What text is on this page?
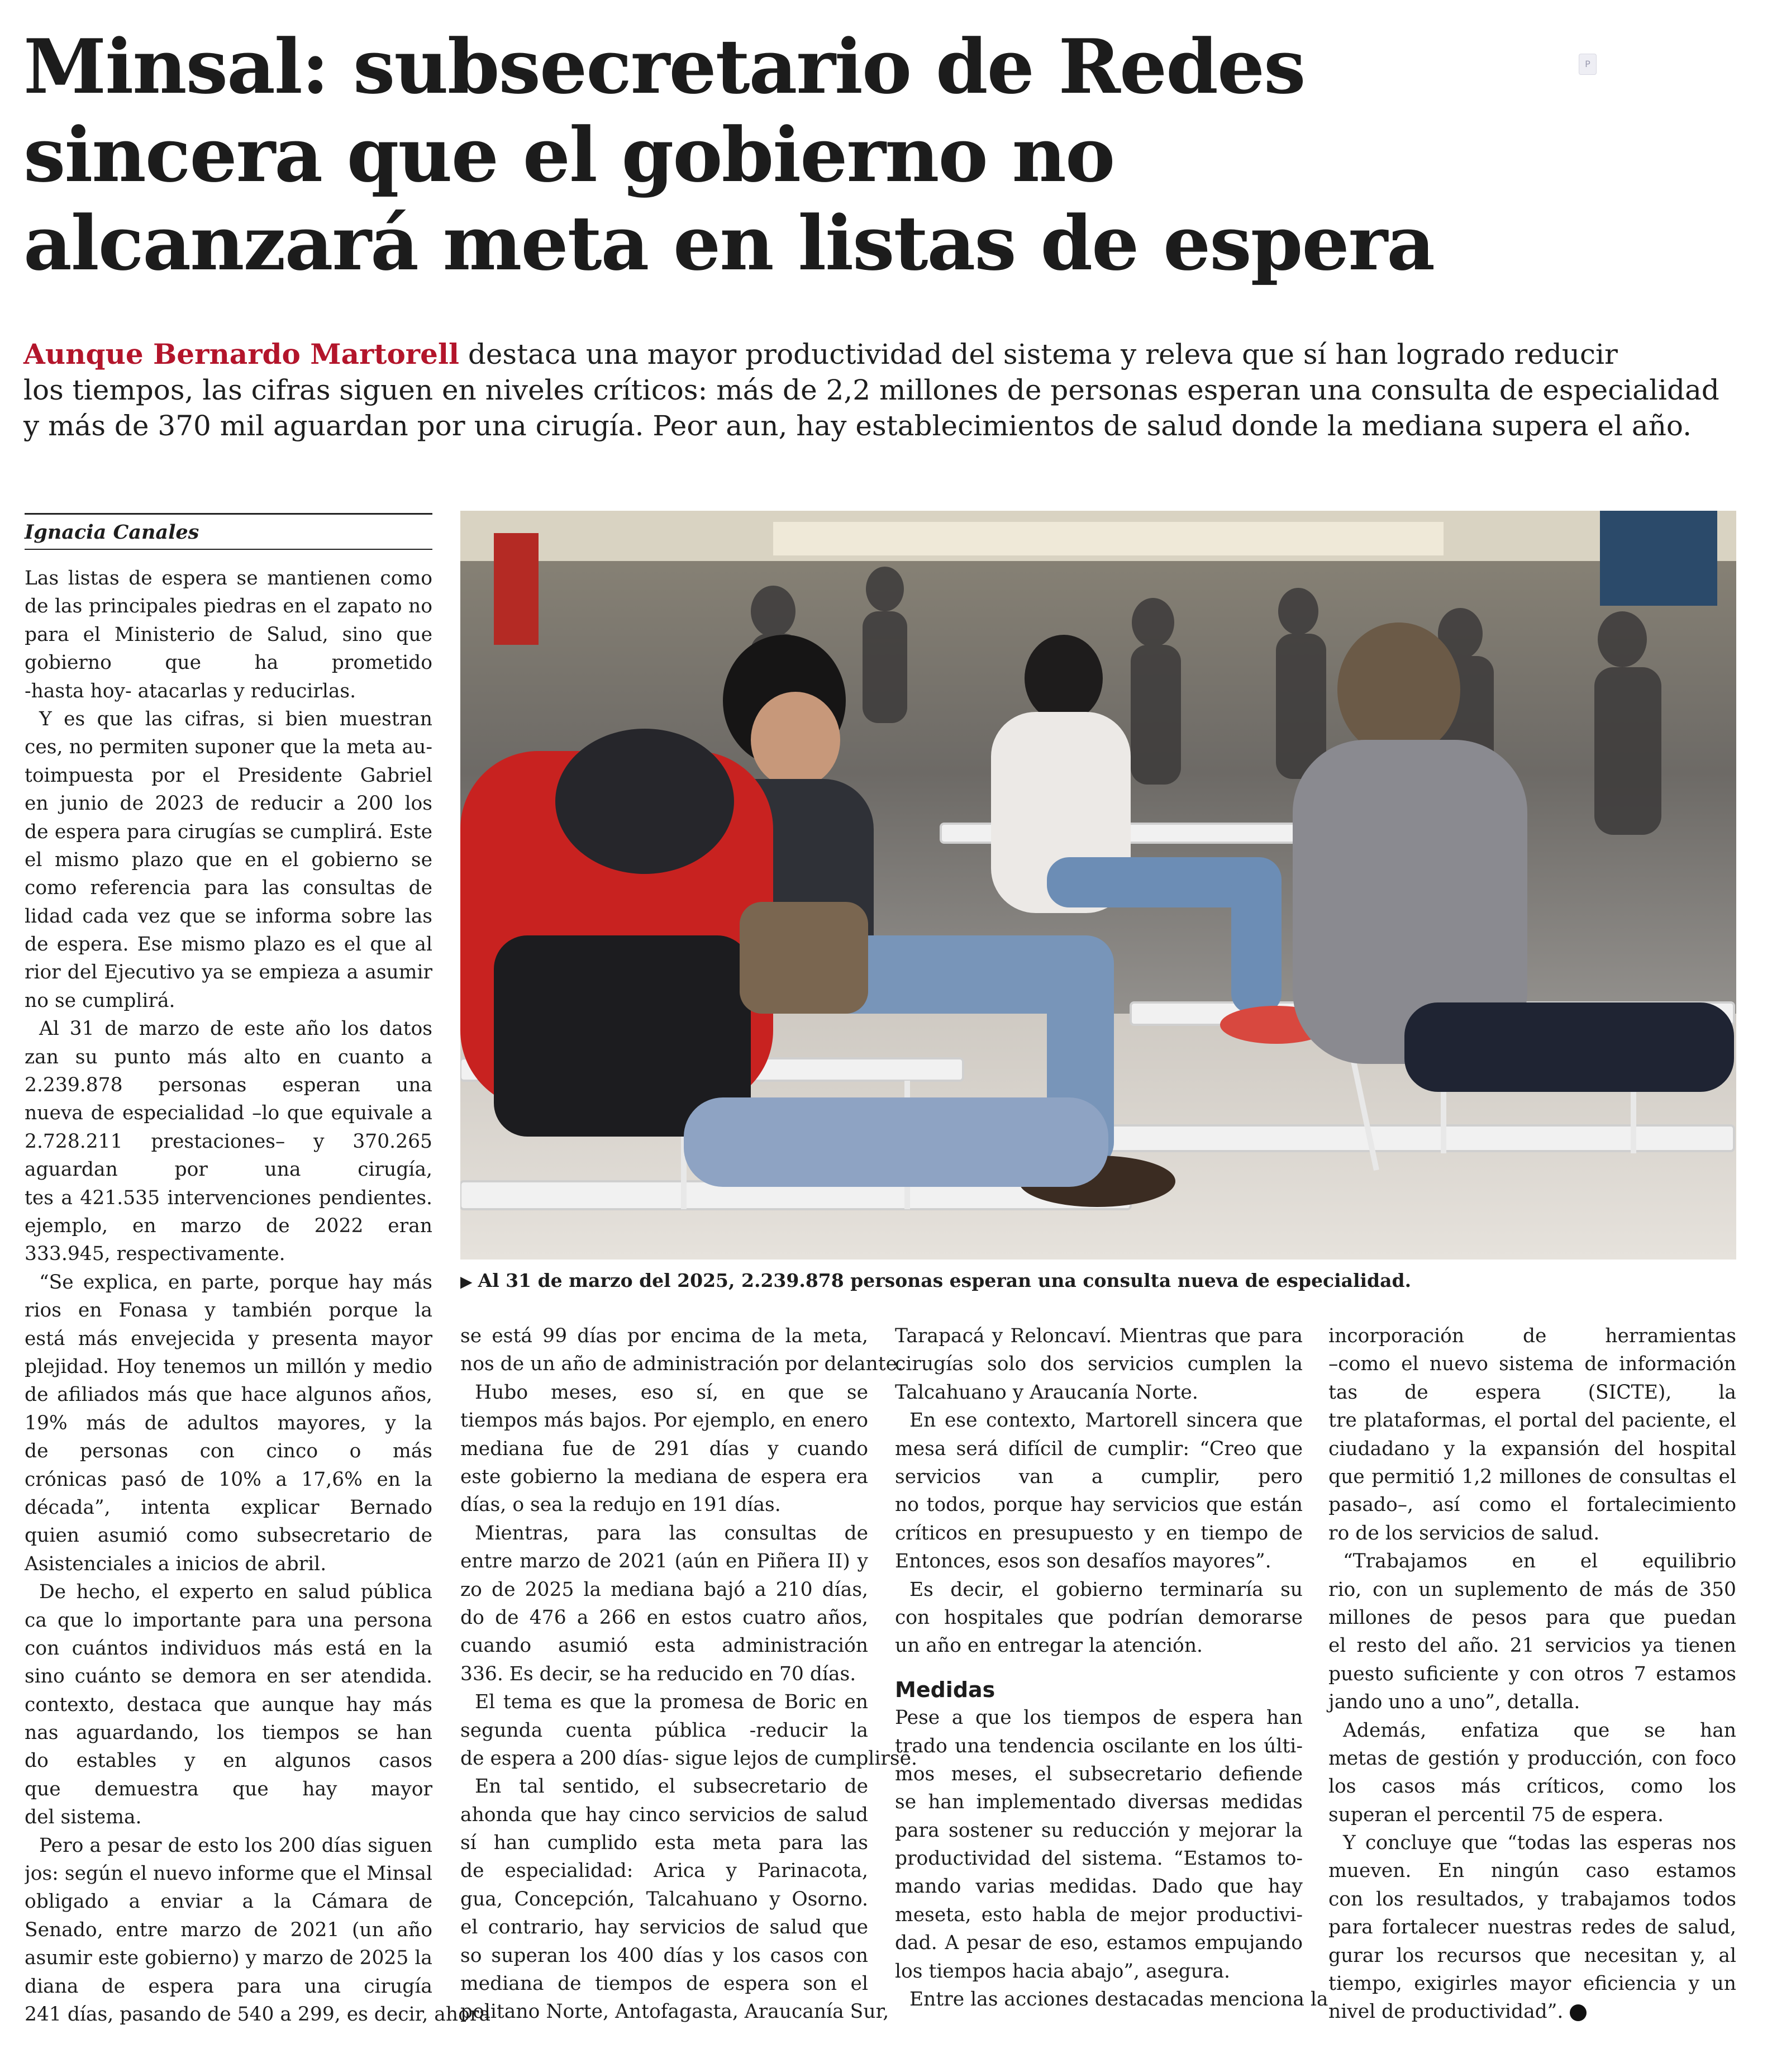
Minsal: subsecretario de Redes
sincera que el gobierno no
alcanzará meta en listas de espera
P

Aunque Bernardo Martorell destaca una mayor productividad del sistema y releva que sí han logrado reducir
los tiempos, las cifras siguen en niveles críticos: más de 2,2 millones de personas esperan una consulta de especialidad
y más de 370 mil aguardan por una cirugía. Peor aun, hay establecimientos de salud donde la mediana supera el año.

Ignacia Canales
▶ Al 31 de marzo del 2025, 2.239.878 personas esperan una consulta nueva de especialidad.
Las listas de espera se mantienen como
de las principales piedras en el zapato no
para el Ministerio de Salud, sino que
gobierno que ha prometido
-hasta hoy- atacarlas y reducirlas.
Y es que las cifras, si bien muestran
ces, no permiten suponer que la meta au-
toimpuesta por el Presidente Gabriel
en junio de 2023 de reducir a 200 los
de espera para cirugías se cumplirá. Este
el mismo plazo que en el gobierno se
como referencia para las consultas de
lidad cada vez que se informa sobre las
de espera. Ese mismo plazo es el que al
rior del Ejecutivo ya se empieza a asumir
no se cumplirá.
Al 31 de marzo de este año los datos
zan su punto más alto en cuanto a
2.239.878 personas esperan una
nueva de especialidad –lo que equivale a
2.728.211 prestaciones– y 370.265
aguardan por una cirugía,
tes a 421.535 intervenciones pendientes.
ejemplo, en marzo de 2022 eran
333.945, respectivamente.
“Se explica, en parte, porque hay más
rios en Fonasa y también porque la
está más envejecida y presenta mayor
plejidad. Hoy tenemos un millón y medio
de afiliados más que hace algunos años,
19% más de adultos mayores, y la
de personas con cinco o más
crónicas pasó de 10% a 17,6% en la
década”, intenta explicar Bernado
quien asumió como subsecretario de
Asistenciales a inicios de abril.
De hecho, el experto en salud pública
ca que lo importante para una persona
con cuántos individuos más está en la
sino cuánto se demora en ser atendida.
contexto, destaca que aunque hay más
nas aguardando, los tiempos se han
do estables y en algunos casos
que demuestra que hay mayor
del sistema.
Pero a pesar de esto los 200 días siguen
jos: según el nuevo informe que el Minsal
obligado a enviar a la Cámara de
Senado, entre marzo de 2021 (un año
asumir este gobierno) y marzo de 2025 la
diana de espera para una cirugía
241 días, pasando de 540 a 299, es decir, ahora
se está 99 días por encima de la meta,
nos de un año de administración por delante.
Hubo meses, eso sí, en que se
tiempos más bajos. Por ejemplo, en enero
mediana fue de 291 días y cuando
este gobierno la mediana de espera era
días, o sea la redujo en 191 días.
Mientras, para las consultas de
entre marzo de 2021 (aún en Piñera II) y
zo de 2025 la mediana bajó a 210 días,
do de 476 a 266 en estos cuatro años,
cuando asumió esta administración
336. Es decir, se ha reducido en 70 días.
El tema es que la promesa de Boric en
segunda cuenta pública -reducir la
de espera a 200 días- sigue lejos de cumplirse.
En tal sentido, el subsecretario de
ahonda que hay cinco servicios de salud
sí han cumplido esta meta para las
de especialidad: Arica y Parinacota,
gua, Concepción, Talcahuano y Osorno.
el contrario, hay servicios de salud que
so superan los 400 días y los casos con
mediana de tiempos de espera son el
politano Norte, Antofagasta, Araucanía Sur,
Tarapacá y Reloncaví. Mientras que para
cirugías solo dos servicios cumplen la
Talcahuano y Araucanía Norte.
En ese contexto, Martorell sincera que
mesa será difícil de cumplir: “Creo que
servicios van a cumplir, pero
no todos, porque hay servicios que están
críticos en presupuesto y en tiempo de
Entonces, esos son desafíos mayores”.
Es decir, el gobierno terminaría su
con hospitales que podrían demorarse
un año en entregar la atención.
Medidas
Pese a que los tiempos de espera han
trado una tendencia oscilante en los últi-
mos meses, el subsecretario defiende
se han implementado diversas medidas
para sostener su reducción y mejorar la
productividad del sistema. “Estamos to-
mando varias medidas. Dado que hay
meseta, esto habla de mejor productivi-
dad. A pesar de eso, estamos empujando
los tiempos hacia abajo”, asegura.
Entre las acciones destacadas menciona la
incorporación de herramientas
–como el nuevo sistema de información
tas de espera (SICTE), la
tre plataformas, el portal del paciente, el
ciudadano y la expansión del hospital
que permitió 1,2 millones de consultas el
pasado–, así como el fortalecimiento
ro de los servicios de salud.
“Trabajamos en el equilibrio
rio, con un suplemento de más de 350
millones de pesos para que puedan
el resto del año. 21 servicios ya tienen
puesto suficiente y con otros 7 estamos
jando uno a uno”, detalla.
Además, enfatiza que se han
metas de gestión y producción, con foco
los casos más críticos, como los
superan el percentil 75 de espera.
Y concluye que “todas las esperas nos
mueven. En ningún caso estamos
con los resultados, y trabajamos todos
para fortalecer nuestras redes de salud,
gurar los recursos que necesitan y, al
tiempo, exigirles mayor eficiencia y un
nivel de productividad”.
